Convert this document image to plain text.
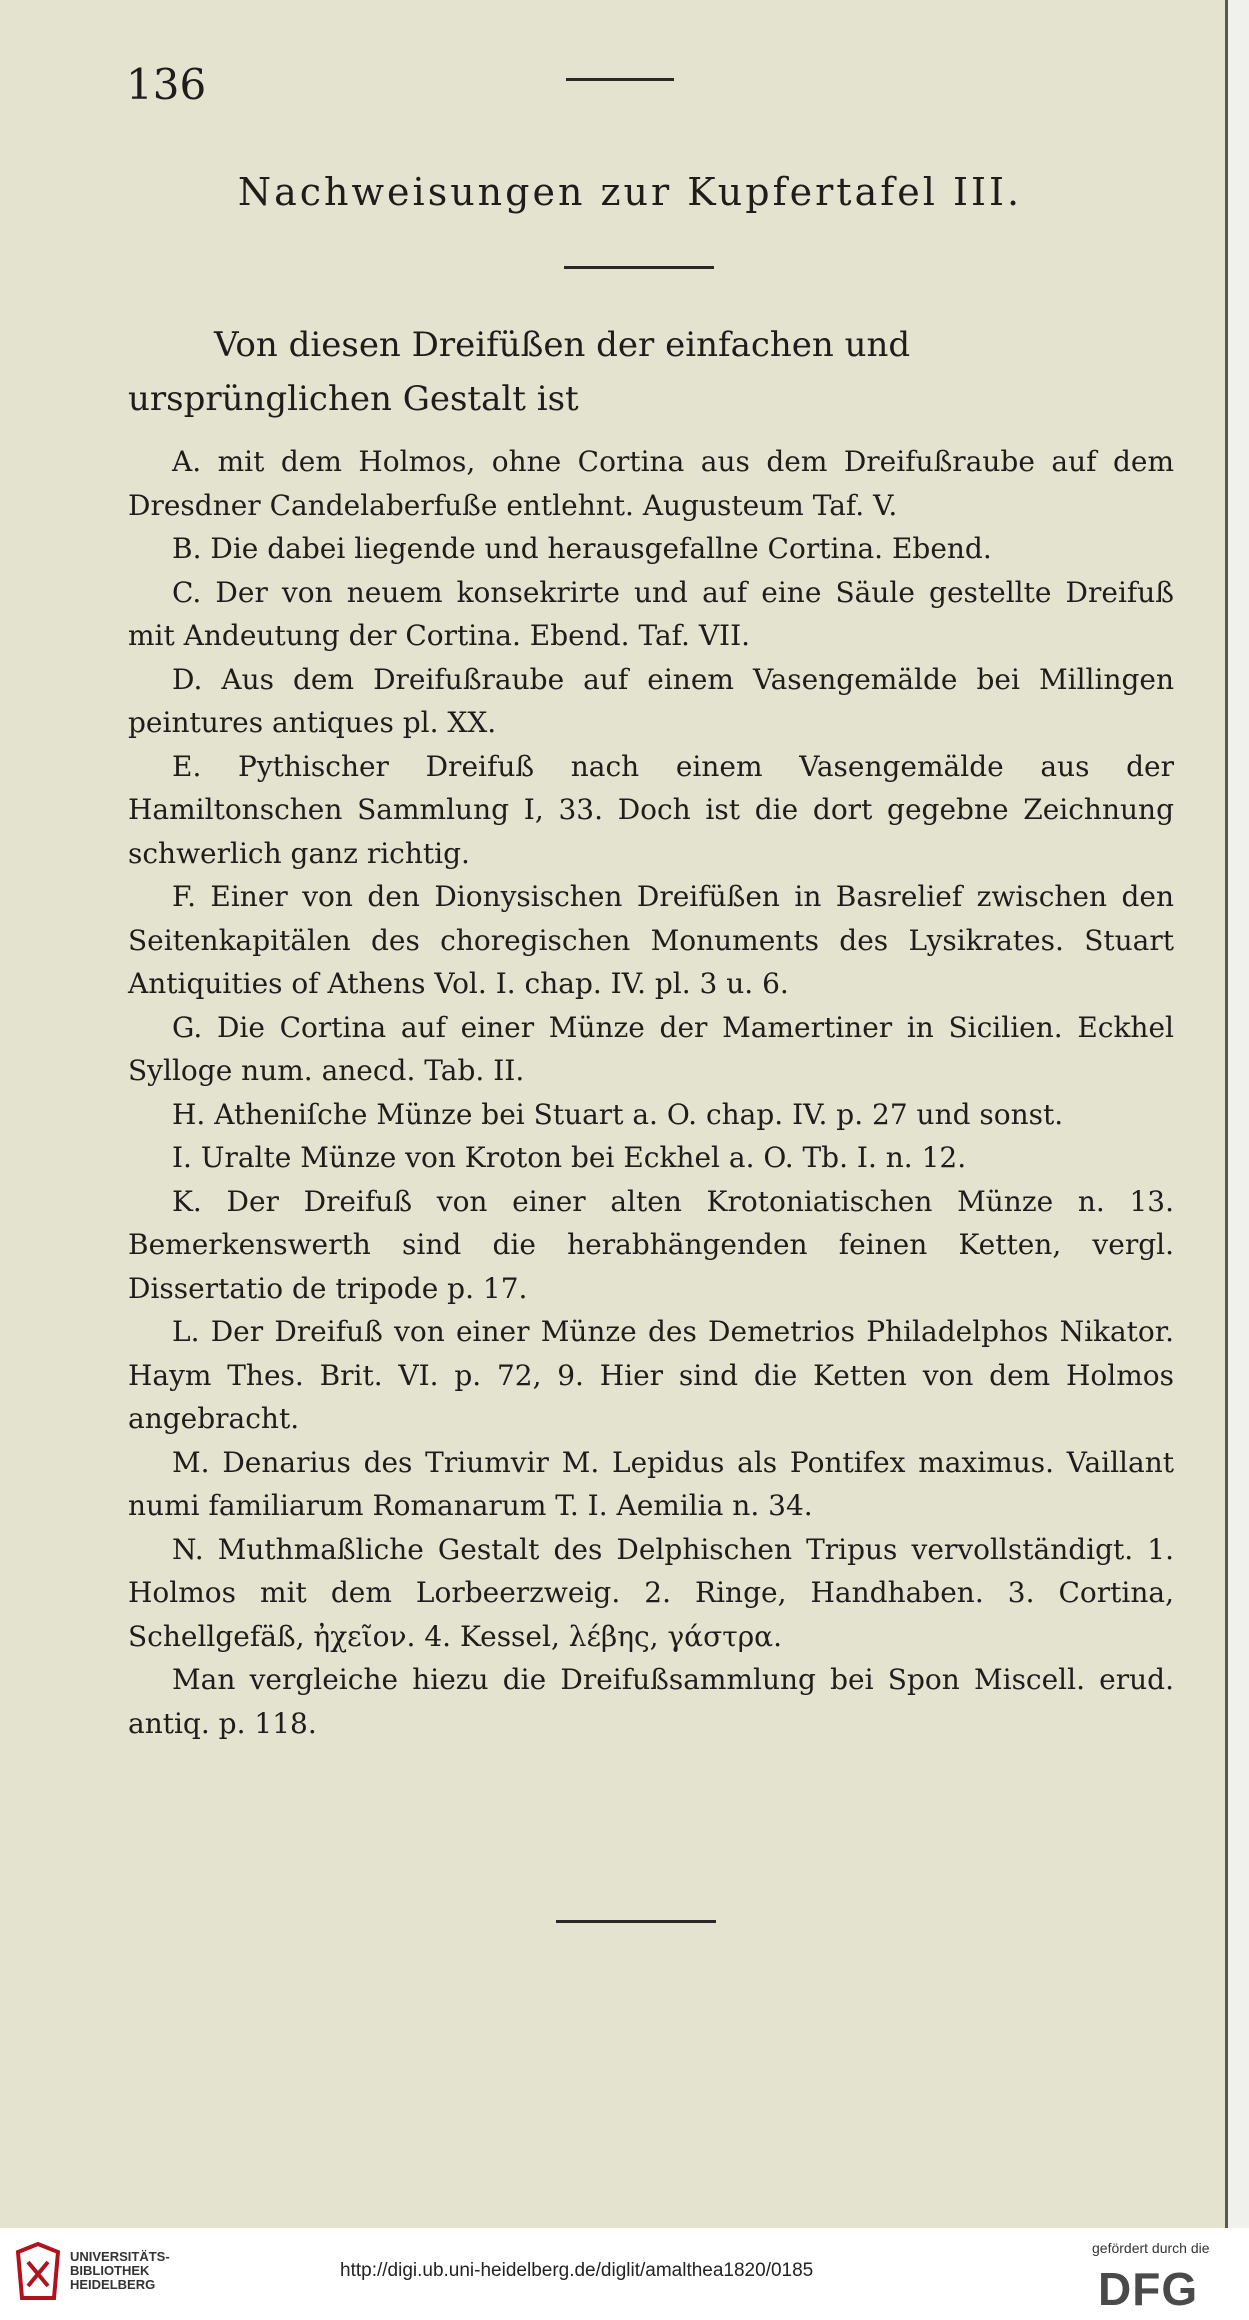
136
Nachweisungen zur Kupfertafel III.
Von diesen Dreifüßen der einfachen und ursprünglichen Gestalt ist

A. mit dem Holmos, ohne Cortina aus dem Dreifußraube auf dem Dresdner Candelaberfuße entlehnt. Augusteum Taf. V.

B. Die dabei liegende und herausgefallne Cortina. Ebend.

C. Der von neuem konsekrirte und auf eine Säule gestellte Dreifuß mit Andeutung der Cortina. Ebend. Taf. VII.

D. Aus dem Dreifußraube auf einem Vasengemälde bei Millingen peintures antiques pl. XX.

E. Pythischer Dreifuß nach einem Vasengemälde aus der Hamiltonschen Sammlung I, 33. Doch ist die dort gegebne Zeichnung schwerlich ganz richtig.

F. Einer von den Dionysischen Dreifüßen in Basrelief zwischen den Seitenkapitälen des choregischen Monuments des Lysikrates. Stuart Antiquities of Athens Vol. I. chap. IV. pl. 3 u. 6.

G. Die Cortina auf einer Münze der Mamertiner in Sicilien. Eckhel Sylloge num. anecd. Tab. II.

H. Atheniſche Münze bei Stuart a. O. chap. IV. p. 27 und sonst.

I. Uralte Münze von Kroton bei Eckhel a. O. Tb. I. n. 12.

K. Der Dreifuß von einer alten Krotoniatischen Münze n. 13. Bemerkenswerth sind die herabhängenden feinen Ketten, vergl. Dissertatio de tripode p. 17.

L. Der Dreifuß von einer Münze des Demetrios Philadelphos Nikator. Haym Thes. Brit. VI. p. 72, 9. Hier sind die Ketten von dem Holmos angebracht.

M. Denarius des Triumvir M. Lepidus als Pontifex maximus. Vaillant numi familiarum Romanarum T. I. Aemilia n. 34.

N. Muthmaßliche Gestalt des Delphischen Tripus vervollständigt. 1. Holmos mit dem Lorbeerzweig. 2. Ringe, Handhaben. 3. Cortina, Schellgefäß, ἠχεῖον. 4. Kessel, λέβης, γάστρα.

Man vergleiche hiezu die Dreifußsammlung bei Spon Miscell. erud. antiq. p. 118.

UNIVERSITÄTS-
BIBLIOTHEK
HEIDELBERG
http://digi.ub.uni-heidelberg.de/diglit/amalthea1820/0185
gefördert durch die
DFG
